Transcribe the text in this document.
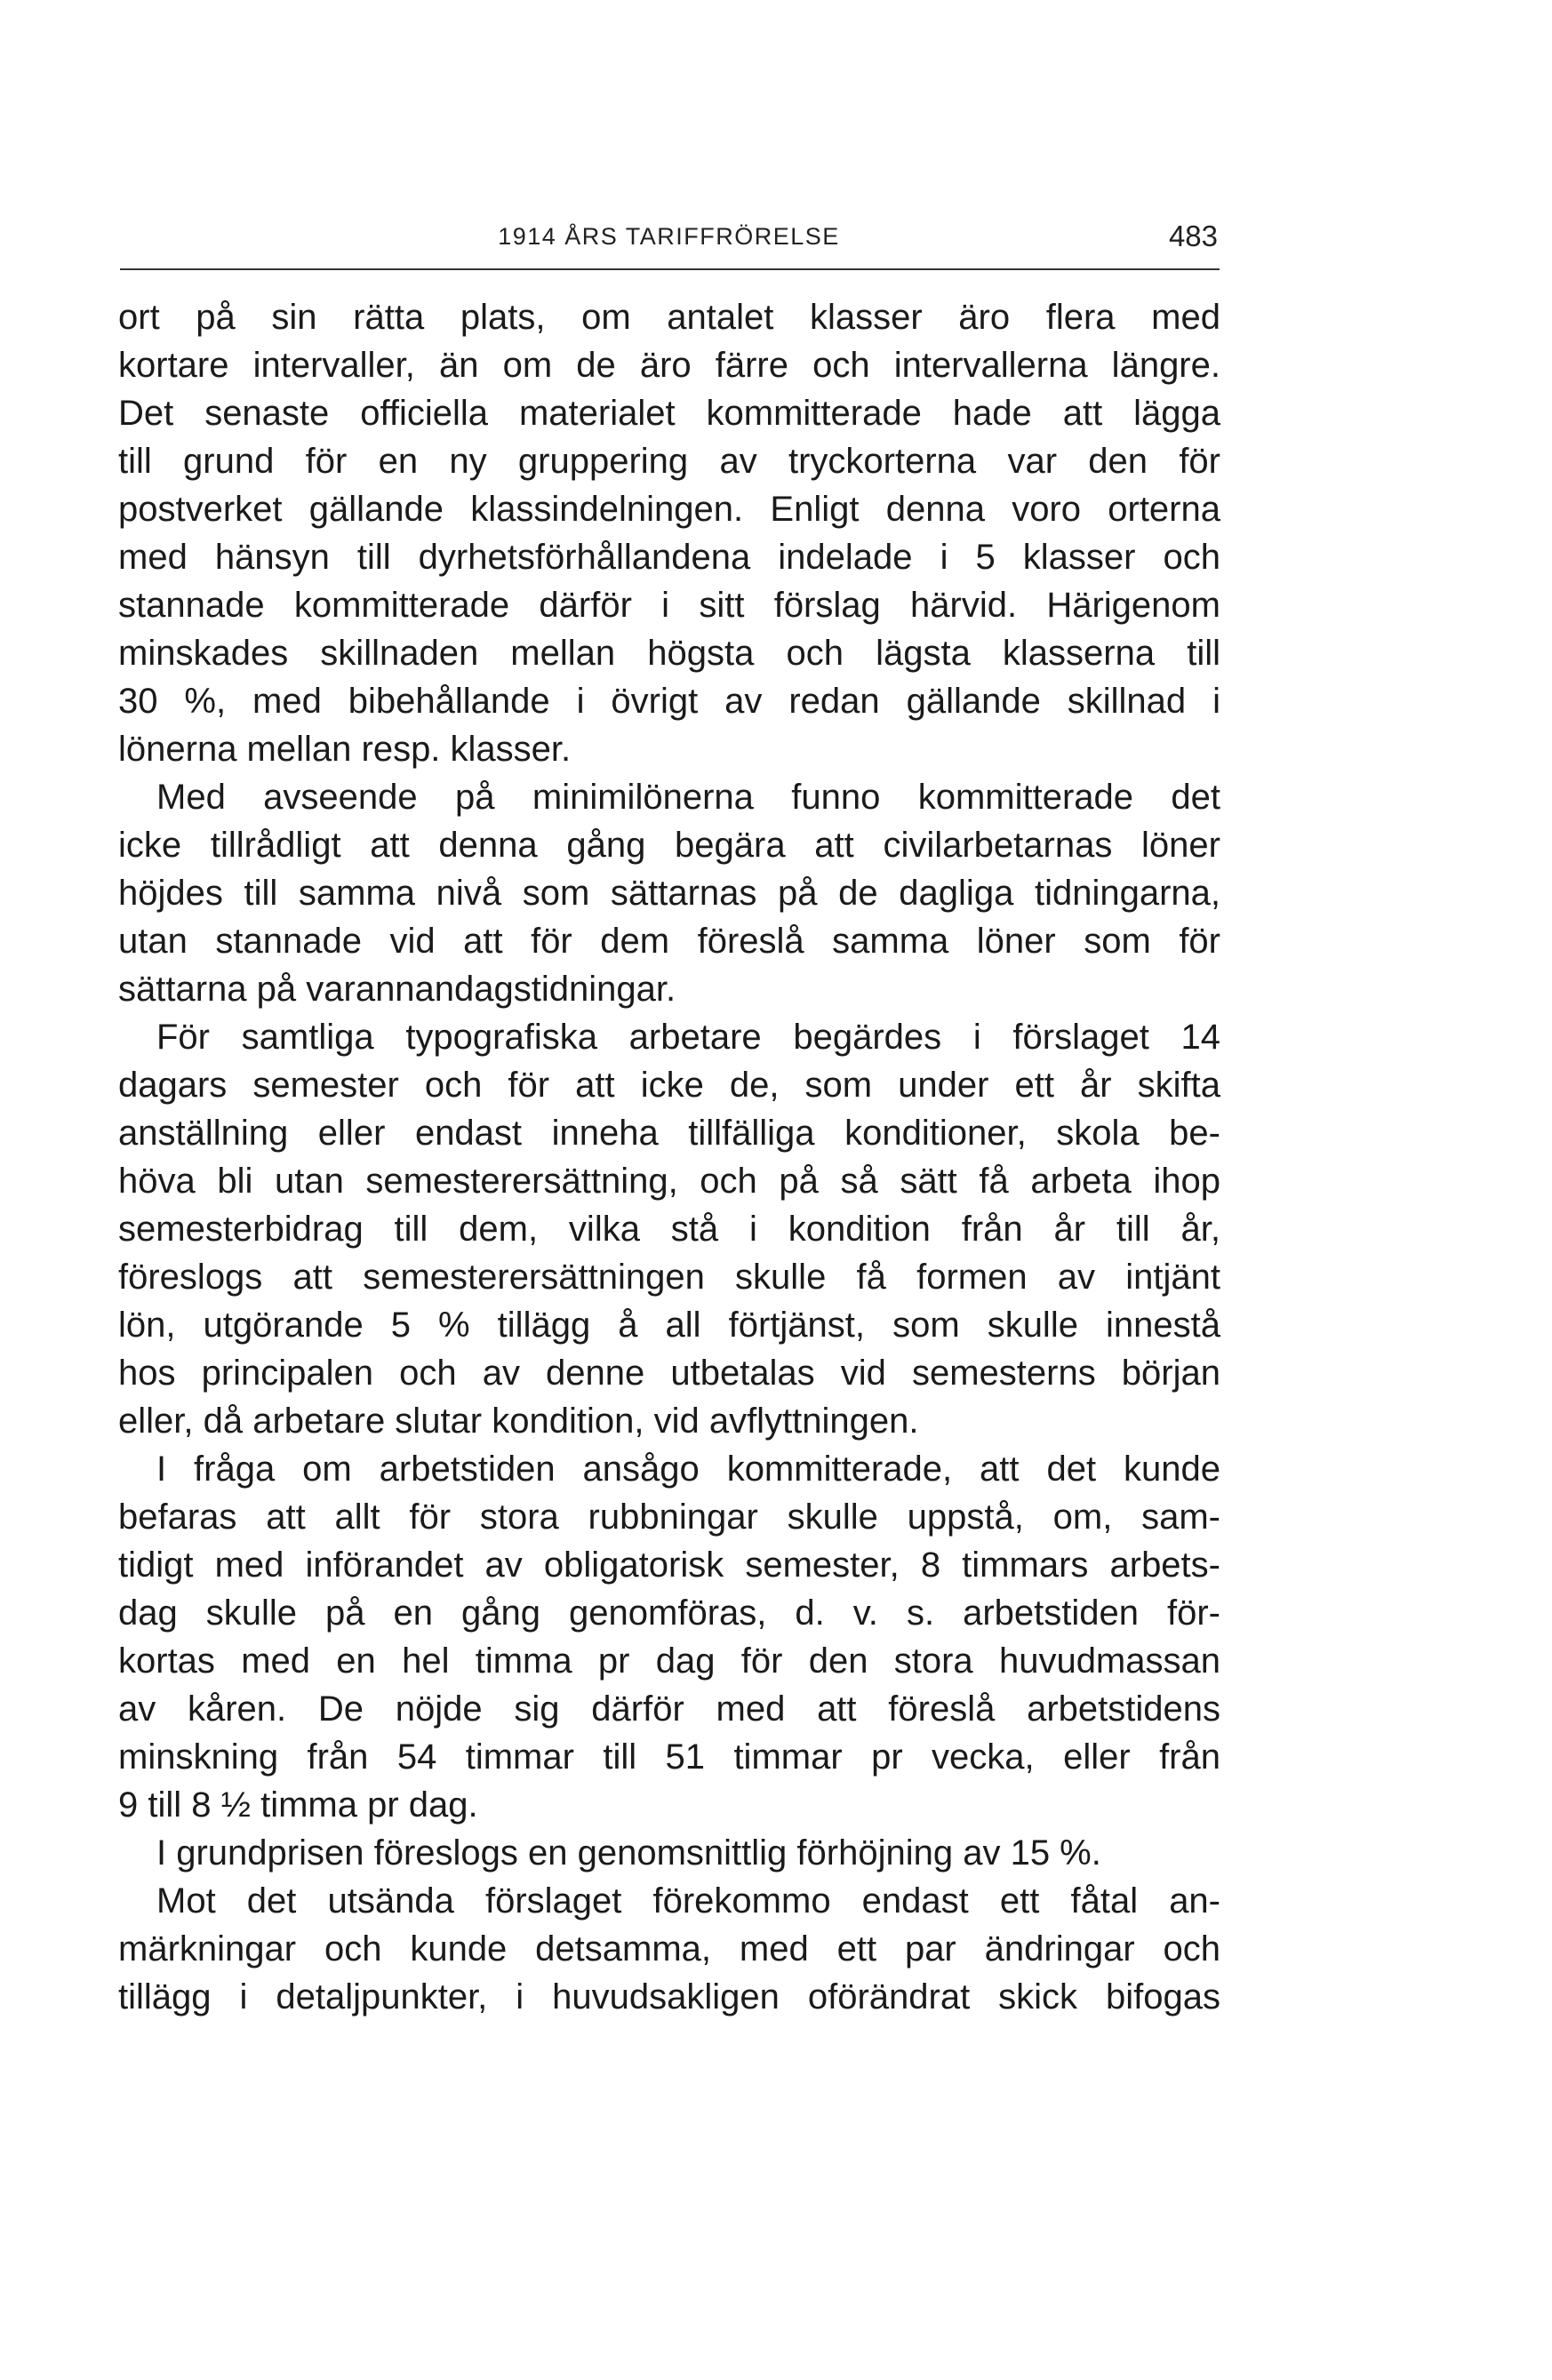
1914 ÅRS TARIFFRÖRELSE	483
ort på sin rätta plats, om antalet klasser äro flera med
kortare intervaller, än om de äro färre och intervallerna längre.
Det senaste officiella materialet kommitterade hade att lägga
till grund för en ny gruppering av tryckorterna var den för
postverket gällande klassindelningen. Enligt denna voro orterna
med hänsyn till dyrhetsförhållandena indelade i 5 klasser och
stannade kommitterade därför i sitt förslag härvid. Härigenom
minskades skillnaden mellan högsta och lägsta klasserna till
30 %, med bibehållande i övrigt av redan gällande skillnad i
lönerna mellan resp. klasser.
Med avseende på minimilönerna funno kommitterade det
icke tillrådligt att denna gång begära att civilarbetarnas löner
höjdes till samma nivå som sättarnas på de dagliga tidningarna,
utan stannade vid att för dem föreslå samma löner som för
sättarna på varannandagstidningar.
För samtliga typografiska arbetare begärdes i förslaget 14
dagars semester och för att icke de, som under ett år skifta
anställning eller endast inneha tillfälliga konditioner, skola be-
höva bli utan semesterersättning, och på så sätt få arbeta ihop
semesterbidrag till dem, vilka stå i kondition från år till år,
föreslogs att semesterersättningen skulle få formen av intjänt
lön, utgörande 5 % tillägg å all förtjänst, som skulle innestå
hos principalen och av denne utbetalas vid semesterns början
eller, då arbetare slutar kondition, vid avflyttningen.
I fråga om arbetstiden ansågo kommitterade, att det kunde
befaras att allt för stora rubbningar skulle uppstå, om, sam-
tidigt med införandet av obligatorisk semester, 8 timmars arbets-
dag skulle på en gång genomföras, d. v. s. arbetstiden för-
kortas med en hel timma pr dag för den stora huvudmassan
av kåren. De nöjde sig därför med att föreslå arbetstidens
minskning från 54 timmar till 51 timmar pr vecka, eller från
9 till 8 ½ timma pr dag.
I grundprisen föreslogs en genomsnittlig förhöjning av 15 %.
Mot det utsända förslaget förekommo endast ett fåtal an-
märkningar och kunde detsamma, med ett par ändringar och
tillägg i detaljpunkter, i huvudsakligen oförändrat skick bifogas
